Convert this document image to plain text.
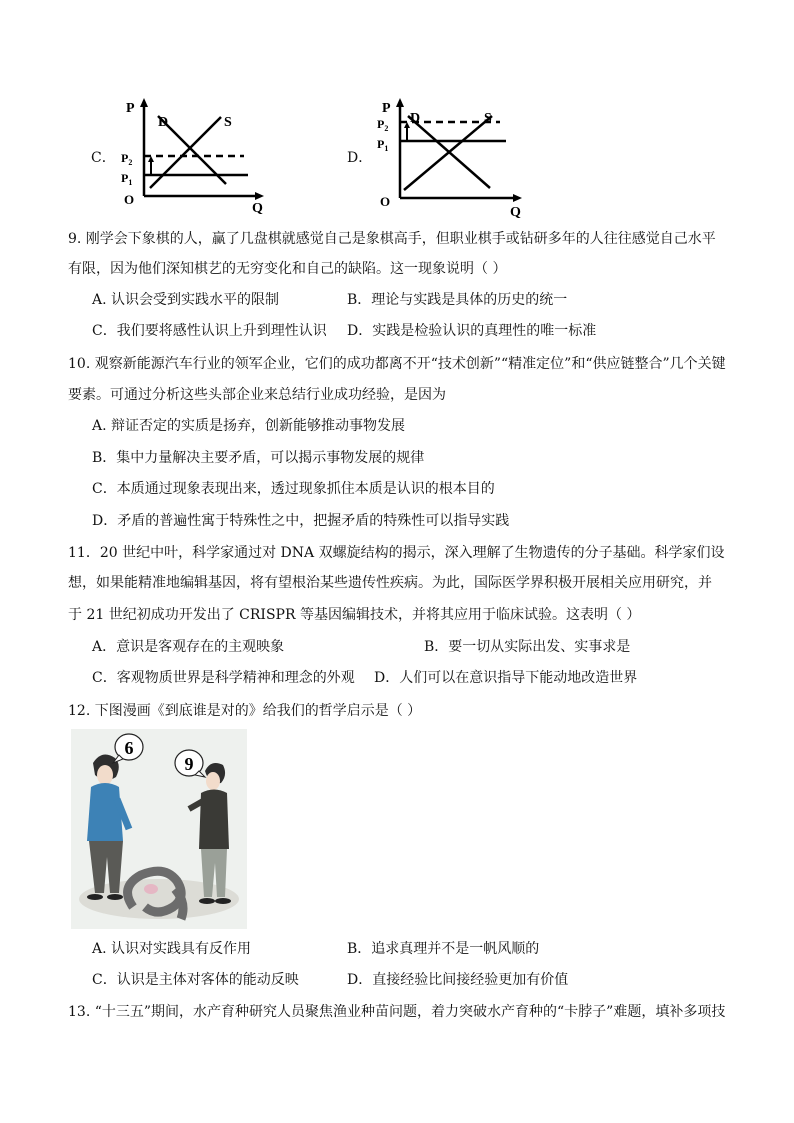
C．
P
Q
O
D	S
$P_2$
$P_1$
D．
P
Q
O
D	S
$P_2$
$P_1$
9. 刚学会下象棋的人，赢了几盘棋就感觉自己是象棋高手，但职业棋手或钻研多年的人往往感觉自己水平
有限，因为他们深知棋艺的无穷变化和自己的缺陷。这一现象说明（ ）
A. 认识会受到实践水平的限制	B．理论与实践是具体的历史的统一
C．我们要将感性认识上升到理性认识 D．实践是检验认识的真理性的唯一标准
10. 观察新能源汽车行业的领军企业，它们的成功都离不开“技术创新”“精准定位”和“供应链整合”几个关键
要素。可通过分析这些头部企业来总结行业成功经验，是因为
A. 辩证否定的实质是扬弃，创新能够推动事物发展
B．集中力量解决主要矛盾，可以揭示事物发展的规律
C．本质通过现象表现出来，透过现象抓住本质是认识的根本目的
D．矛盾的普遍性寓于特殊性之中，把握矛盾的特殊性可以指导实践
11．20 世纪中叶，科学家通过对 DNA 双螺旋结构的揭示，深入理解了生物遗传的分子基础。科学家们设
想，如果能精准地编辑基因，将有望根治某些遗传性疾病。为此，国际医学界积极开展相关应用研究，并
于 21 世纪初成功开发出了 CRISPR 等基因编辑技术，并将其应用于临床试验。这表明（ ）
A．意识是客观存在的主观映象	B．要一切从实际出发、实事求是
C．客观物质世界是科学精神和理念的外观 D．人们可以在意识指导下能动地改造世界
12. 下图漫画《到底谁是对的》给我们的哲学启示是（ ）
6
9
A. 认识对实践具有反作用	B．追求真理并不是一帆风顺的
C．认识是主体对客体的能动反映	D．直接经验比间接经验更加有价值
13. “十三五”期间，水产育种研究人员聚焦渔业种苗问题，着力突破水产育种的“卡脖子”难题，填补多项技
